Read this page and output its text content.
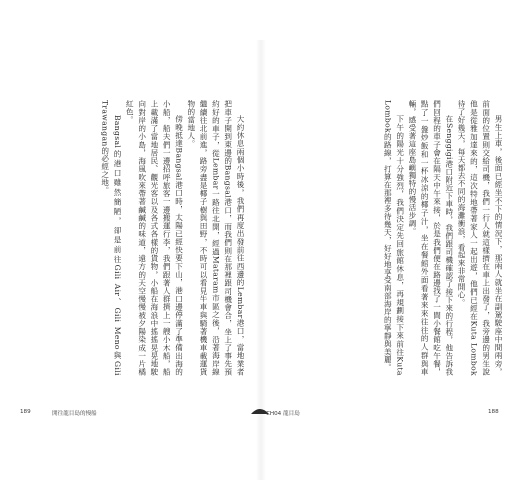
大約休息兩個小時後，我們再度出發前往西邊的Lembar港口，當地業者把車子開到東邊的Bangsal港口，而我們則在那裡跟司機會合，坐上了事先預約好的車子，從Lembar一路往北開，經過Mataram市區之後，沿著海岸線繼續往北前進，路旁盡是椰子樹與田野，不時可以看見牛車與騎著機車載運貨物的當地人。

傍晚抵達Bangsal港口時，太陽已經快要下山，港口邊停滿了準備出海的小船，船夫們一邊招呼旅客一邊搬運行李，我們跟著人群擠上一艘小木船，船上載滿了當地居民、觀光客以及各式各樣的貨物，小船在海浪中搖搖晃晃地駛向對岸的小島，海風吹來帶著鹹鹹的味道，遠方的天空慢慢被夕陽染成一片橘紅色。

Bangsal的港口雖然簡陋，卻是前往Gili Air、Gili Meno與Gili Trawangan的必經之地。

189	開往龍目島的慢船

男生上車，後面已經坐不下的情況下，那兩人就坐在副駕駛座中間兩旁，前面的位置則交給司機，我們一行人就這樣擠在車上出發了，我旁邊的男生說他是從雅加達來的，這次特地帶著家人一起出遊，他們已經在Kuta Lombok待了好幾天，每天都去不同的海灘衝浪，看起來非常開心。

在Senggigi港口附近下車時，我們跟司機確認了接下來的行程，他告訴我們回程的車子會在隔天中午來接，於是我們便在路邊找了一間小餐館吃午餐，點了一盤炒飯和一杯冰涼的椰子汁，坐在餐館外面看著來來往往的人群與車輛，感受著這座島嶼獨特的慢活步調。

下午的陽光十分強烈，我們決定先回旅館休息，再規劃接下來前往Kuta Lombok的路線，打算在那裡多待幾天，好好地享受南部海岸的寧靜與美麗。

CH04 龍目島	188
